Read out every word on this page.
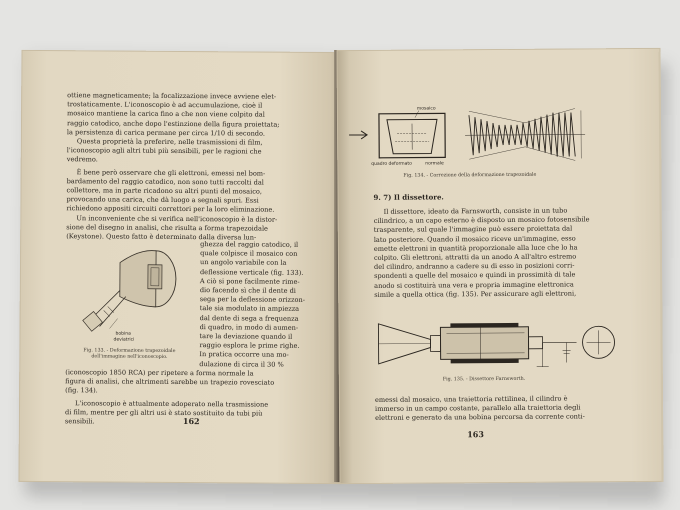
ottiene magneticamente; la focalizzazione invece avviene elet-

trostaticamente. L'iconoscopio è ad accumulazione, cioè il

mosaico mantiene la carica fino a che non viene colpito dal

raggio catodico, anche dopo l'estinzione della figura proiettata;

la persistenza di carica permane per circa 1/10 di secondo.

Questa proprietà la preferire, nelle trasmissioni di film,

l'iconoscopio agli altri tubi più sensibili, per le ragioni che

vedremo.

È bene però osservare che gli elettroni, emessi nel bom-

bardamento del raggio catodico, non sono tutti raccolti dal

collettore, ma in parte ricadono su altri punti del mosaico,

provocando una carica, che dà luogo a segnali spuri. Essi

richiedono appositi circuiti correttori per la loro eliminazione.

Un inconveniente che si verifica nell'iconoscopio è la distor-

sione del disegno in analisi, che risulta a forma trapezoidale

(Keystone). Questo fatto è determinato dalla diversa lun-

ghezza del raggio catodico, il

quale colpisce il mosaico con

un angolo variabile con la

deflessione verticale (fig. 133).

A ciò si pone facilmente rime-

dio facendo sì che il dente di

sega per la deflessione orizzon-

tale sia modulato in ampiezza

dal dente di sega a frequenza

di quadro, in modo di aumen-

tare la deviazione quando il

raggio esplora le prime righe.

In pratica occorre una mo-

dulazione di circa il 30 %

bobina
deviatrici
Fig. 133. - Deformazione trapezoidale
dell'immagine nell'iconoscopio.

(iconoscopio 1850 RCA) per ripetere a forma normale la

figura di analisi, che altrimenti sarebbe un trapezio rovesciato

(fig. 134).

L'iconoscopio è attualmente adoperato nella trasmissione

di film, mentre per gli altri usi è stato sostituito da tubi più

sensibili.	162
mosaico
quadro deformato	normale
Fig. 134. - Correzione della deformazione trapezoidale
9. 7) Il dissettore.

Il dissettore, ideato da Farnsworth, consiste in un tubo

cilindrico, a un capo esterno è disposto un mosaico fotosensibile

trasparente, sul quale l'immagine può essere proiettata dal

lato posteriore. Quando il mosaico riceve un'immagine, esso

emette elettroni in quantità proporzionale alla luce che lo ha

colpito. Gli elettroni, attratti da un anodo A all'altro estremo

del cilindro, andranno a cadere su di esso in posizioni corri-

spondenti a quelle del mosaico e quindi in prossimità di tale

anodo si costituirà una vera e propria immagine elettronica

simile a quella ottica (fig. 135). Per assicurare agli elettroni,

Fig. 135. - Dissettore Farnsworth.

emessi dal mosaico, una traiettoria rettilinea, il cilindro è

immerso in un campo costante, parallelo alla traiettoria degli

elettroni e generato da una bobina percorsa da corrente conti-

163
